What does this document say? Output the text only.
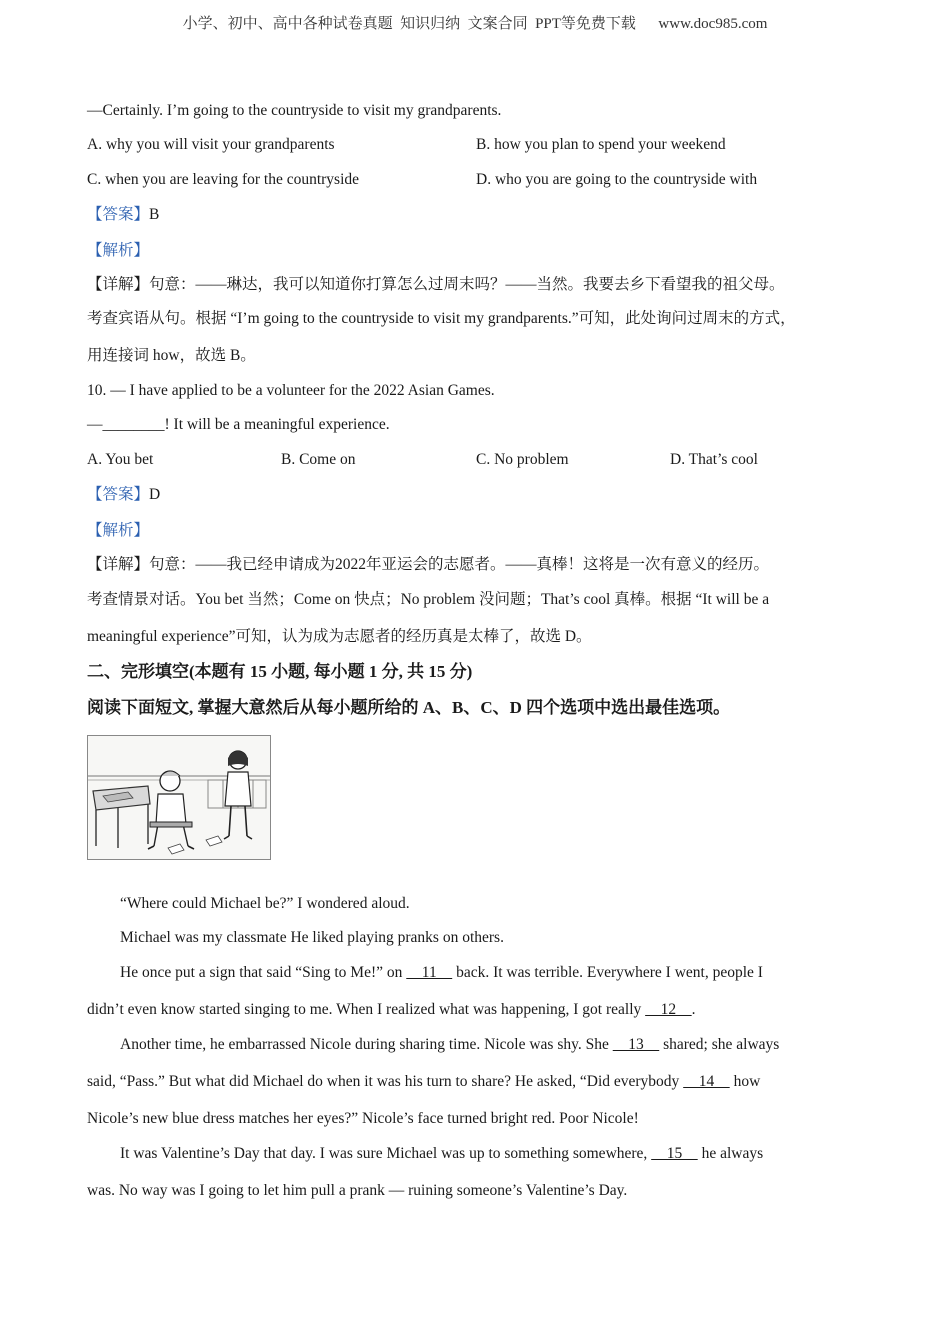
小学、初中、高中各种试卷真题  知识归纳  文案合同  PPT等免费下载      www.doc985.com
—Certainly. I’m going to the countryside to visit my grandparents.
A. why you will visit your grandparents	B. how you plan to spend your weekend
C. when you are leaving for the countryside	D. who you are going to the countryside with
【答案】B
【解析】
【详解】句意：——琳达，我可以知道你打算怎么过周末吗？——当然。我要去乡下看望我的祖父母。
考查宾语从句。根据 “I’m going to the countryside to visit my grandparents.”可知，此处询问过周末的方式，
用连接词 how，故选 B。
10. — I have applied to be a volunteer for the 2022 Asian Games.
—________! It will be a meaningful experience.
A. You bet	B. Come on	C. No problem	D. That’s cool
【答案】D
【解析】
【详解】句意：——我已经申请成为2022年亚运会的志愿者。——真棒！这将是一次有意义的经历。
考查情景对话。You bet 当然；Come on 快点；No problem 没问题；That’s cool 真棒。根据 “It will be a
meaningful experience”可知，认为成为志愿者的经历真是太棒了，故选 D。
二、完形填空(本题有 15 小题, 每小题 1 分, 共 15 分)
阅读下面短文, 掌握大意然后从每小题所给的 A、B、C、D 四个选项中选出最佳选项。
“Where could Michael be?” I wondered aloud.
Michael was my classmate He liked playing pranks on others.
He once put a sign that said “Sing to Me!” on     11     back. It was terrible. Everywhere I went, people I
didn’t even know started singing to me. When I realized what was happening, I got really     12    .
Another time, he embarrassed Nicole during sharing time. Nicole was shy. She     13     shared; she always
said, “Pass.” But what did Michael do when it was his turn to share? He asked, “Did everybody     14     how
Nicole’s new blue dress matches her eyes?” Nicole’s face turned bright red. Poor Nicole!
It was Valentine’s Day that day. I was sure Michael was up to something somewhere,     15     he always
was. No way was I going to let him pull a prank — ruining someone’s Valentine’s Day.
